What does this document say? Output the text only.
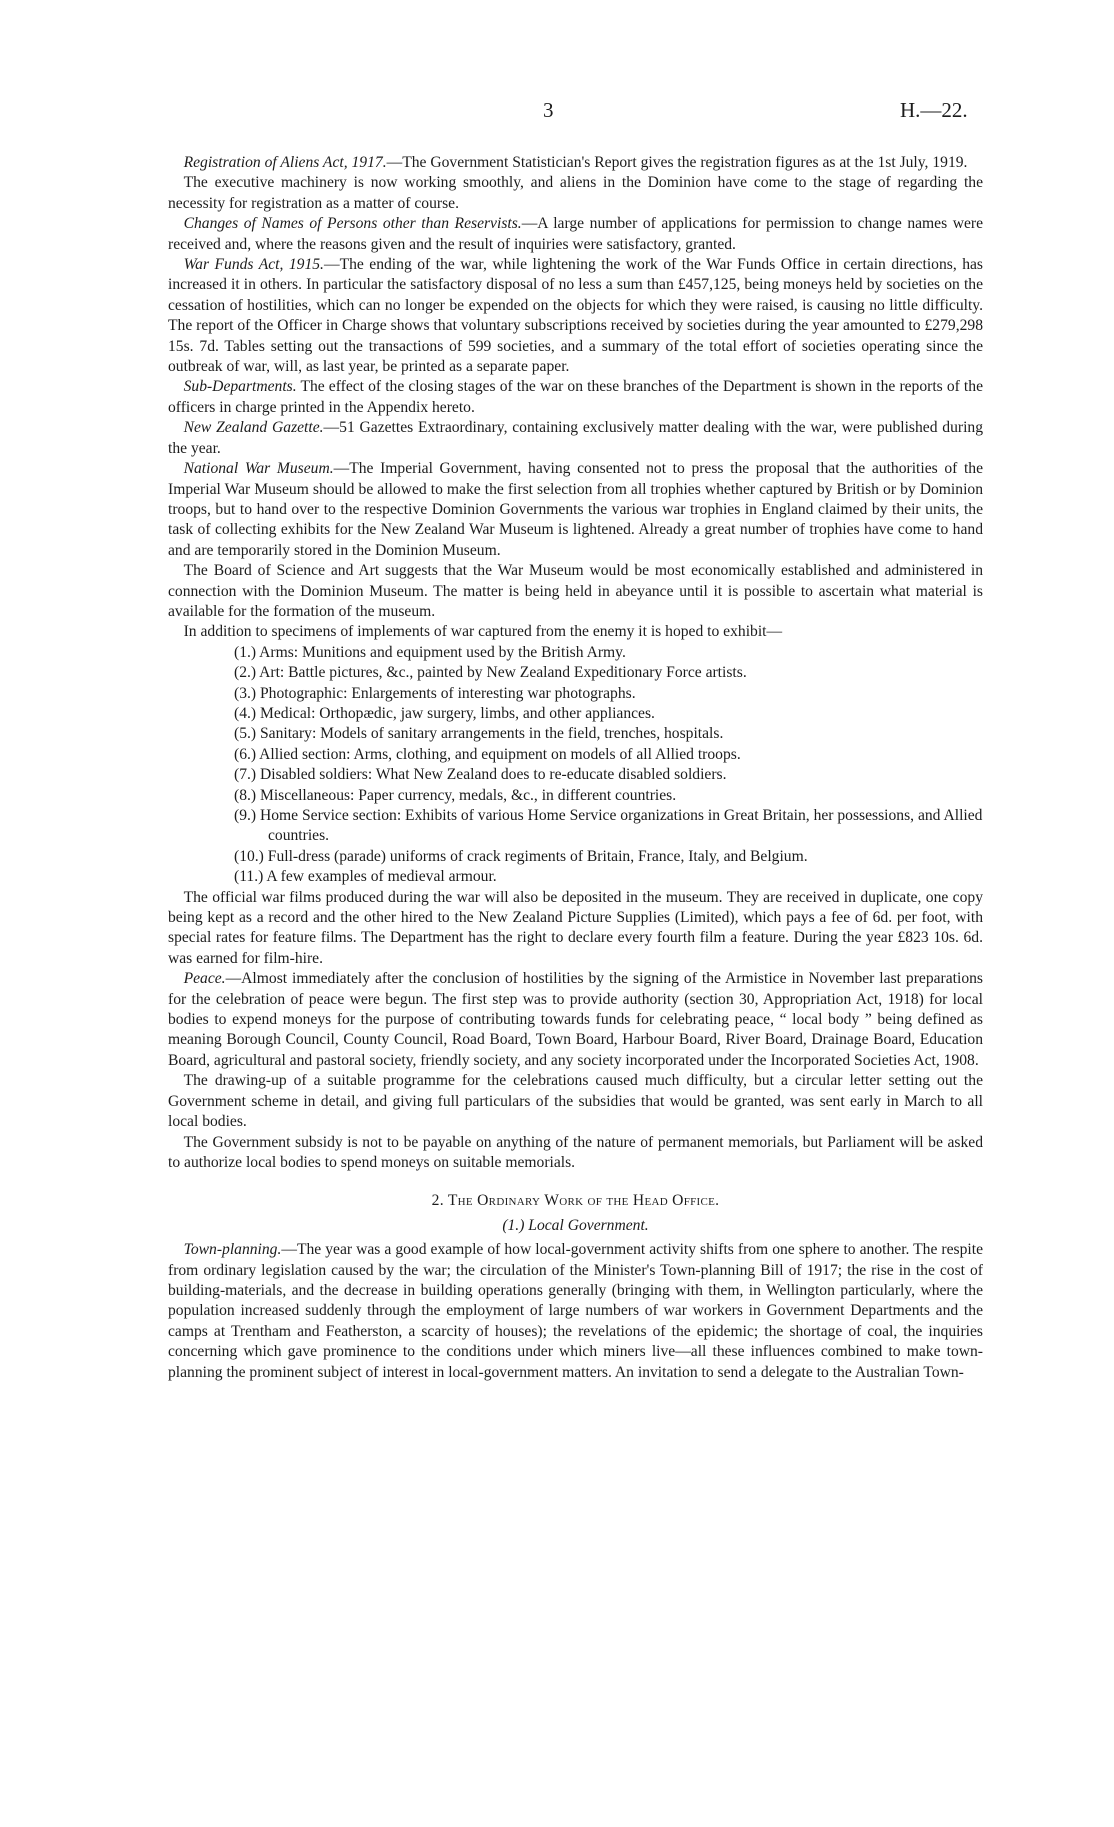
3	H.—22.

 Registration of Aliens Act, 1917.—The Government Statistician's Report gives the registration figures as at the 1st July, 1919.

 The executive machinery is now working smoothly, and aliens in the Dominion have come to the stage of regarding the necessity for registration as a matter of course.

 Changes of Names of Persons other than Reservists.—A large number of applications for permission to change names were received and, where the reasons given and the result of inquiries were satisfactory, granted.

 War Funds Act, 1915.—The ending of the war, while lightening the work of the War Funds Office in certain directions, has increased it in others. In particular the satisfactory disposal of no less a sum than £457,125, being moneys held by societies on the cessation of hostilities, which can no longer be expended on the objects for which they were raised, is causing no little difficulty. The report of the Officer in Charge shows that voluntary subscriptions received by societies during the year amounted to £279,298 15s. 7d. Tables setting out the transactions of 599 societies, and a summary of the total effort of societies operating since the outbreak of war, will, as last year, be printed as a separate paper.

 Sub-Departments. The effect of the closing stages of the war on these branches of the Department is shown in the reports of the officers in charge printed in the Appendix hereto.

 New Zealand Gazette.—51 Gazettes Extraordinary, containing exclusively matter dealing with the war, were published during the year.

 National War Museum.—The Imperial Government, having consented not to press the proposal that the authorities of the Imperial War Museum should be allowed to make the first selection from all trophies whether captured by British or by Dominion troops, but to hand over to the respective Dominion Governments the various war trophies in England claimed by their units, the task of collecting exhibits for the New Zealand War Museum is lightened. Already a great number of trophies have come to hand and are temporarily stored in the Dominion Museum.

 The Board of Science and Art suggests that the War Museum would be most economically established and administered in connection with the Dominion Museum. The matter is being held in abeyance until it is possible to ascertain what material is available for the formation of the museum.

 In addition to specimens of implements of war captured from the enemy it is hoped to exhibit—

(1.) Arms: Munitions and equipment used by the British Army.
(2.) Art: Battle pictures, &c., painted by New Zealand Expeditionary Force artists.
(3.) Photographic: Enlargements of interesting war photographs.
(4.) Medical: Orthopædic, jaw surgery, limbs, and other appliances.
(5.) Sanitary: Models of sanitary arrangements in the field, trenches, hospitals.
(6.) Allied section: Arms, clothing, and equipment on models of all Allied troops.
(7.) Disabled soldiers: What New Zealand does to re-educate disabled soldiers.
(8.) Miscellaneous: Paper currency, medals, &c., in different countries.
(9.) Home Service section: Exhibits of various Home Service organizations in Great Britain, her possessions, and Allied countries.
(10.) Full-dress (parade) uniforms of crack regiments of Britain, France, Italy, and Belgium.
(11.) A few examples of medieval armour.

 The official war films produced during the war will also be deposited in the museum. They are received in duplicate, one copy being kept as a record and the other hired to the New Zealand Picture Supplies (Limited), which pays a fee of 6d. per foot, with special rates for feature films. The Department has the right to declare every fourth film a feature. During the year £823 10s. 6d. was earned for film-hire.

 Peace.—Almost immediately after the conclusion of hostilities by the signing of the Armistice in November last preparations for the celebration of peace were begun. The first step was to provide authority (section 30, Appropriation Act, 1918) for local bodies to expend moneys for the purpose of contributing towards funds for celebrating peace, “ local body ” being defined as meaning Borough Council, County Council, Road Board, Town Board, Harbour Board, River Board, Drainage Board, Education Board, agricultural and pastoral society, friendly society, and any society incorporated under the Incorporated Societies Act, 1908.

 The drawing-up of a suitable programme for the celebrations caused much difficulty, but a circular letter setting out the Government scheme in detail, and giving full particulars of the subsidies that would be granted, was sent early in March to all local bodies.

 The Government subsidy is not to be payable on anything of the nature of permanent memorials, but Parliament will be asked to authorize local bodies to spend moneys on suitable memorials.

2. The Ordinary Work of the Head Office.
(1.) Local Government.

 Town-planning.—The year was a good example of how local-government activity shifts from one sphere to another. The respite from ordinary legislation caused by the war; the circulation of the Minister's Town-planning Bill of 1917; the rise in the cost of building-materials, and the decrease in building operations generally (bringing with them, in Wellington particularly, where the population increased suddenly through the employment of large numbers of war workers in Government Departments and the camps at Trentham and Featherston, a scarcity of houses); the revelations of the epidemic; the shortage of coal, the inquiries concerning which gave prominence to the conditions under which miners live—all these influences combined to make town-planning the prominent subject of interest in local-government matters. An invitation to send a delegate to the Australian Town-
